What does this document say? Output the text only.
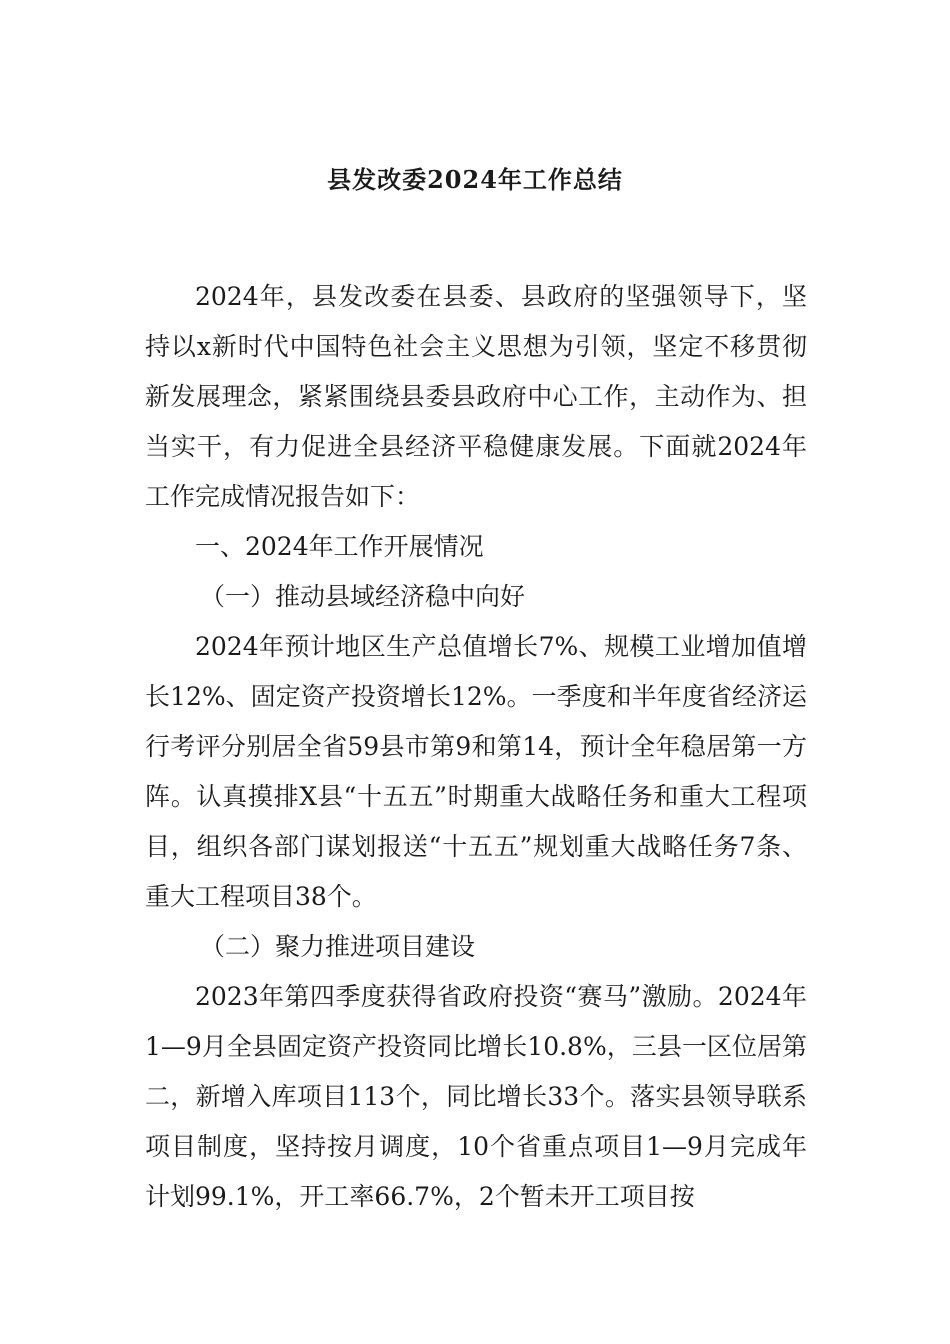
县发改委2024年工作总结

2024年，县发改委在县委、县政府的坚强领导下，坚持以x新时代中国特色社会主义思想为引领，坚定不移贯彻新发展理念，紧紧围绕县委县政府中心工作，主动作为、担当实干，有力促进全县经济平稳健康发展。下面就2024年工作完成情况报告如下：

一、2024年工作开展情况

（一）推动县域经济稳中向好

2024年预计地区生产总值增长7%、规模工业增加值增长12%、固定资产投资增长12%。一季度和半年度省经济运行考评分别居全省59县市第9和第14，预计全年稳居第一方阵。认真摸排X县“十五五”时期重大战略任务和重大工程项目，组织各部门谋划报送“十五五”规划重大战略任务7条、重大工程项目38个。

（二）聚力推进项目建设

2023年第四季度获得省政府投资“赛马”激励。2024年1—9月全县固定资产投资同比增长10.8%，三县一区位居第二，新增入库项目113个，同比增长33个。落实县领导联系项目制度，坚持按月调度，10个省重点项目1—9月完成年计划99.1%，开工率66.7%，2个暂未开工项目按
